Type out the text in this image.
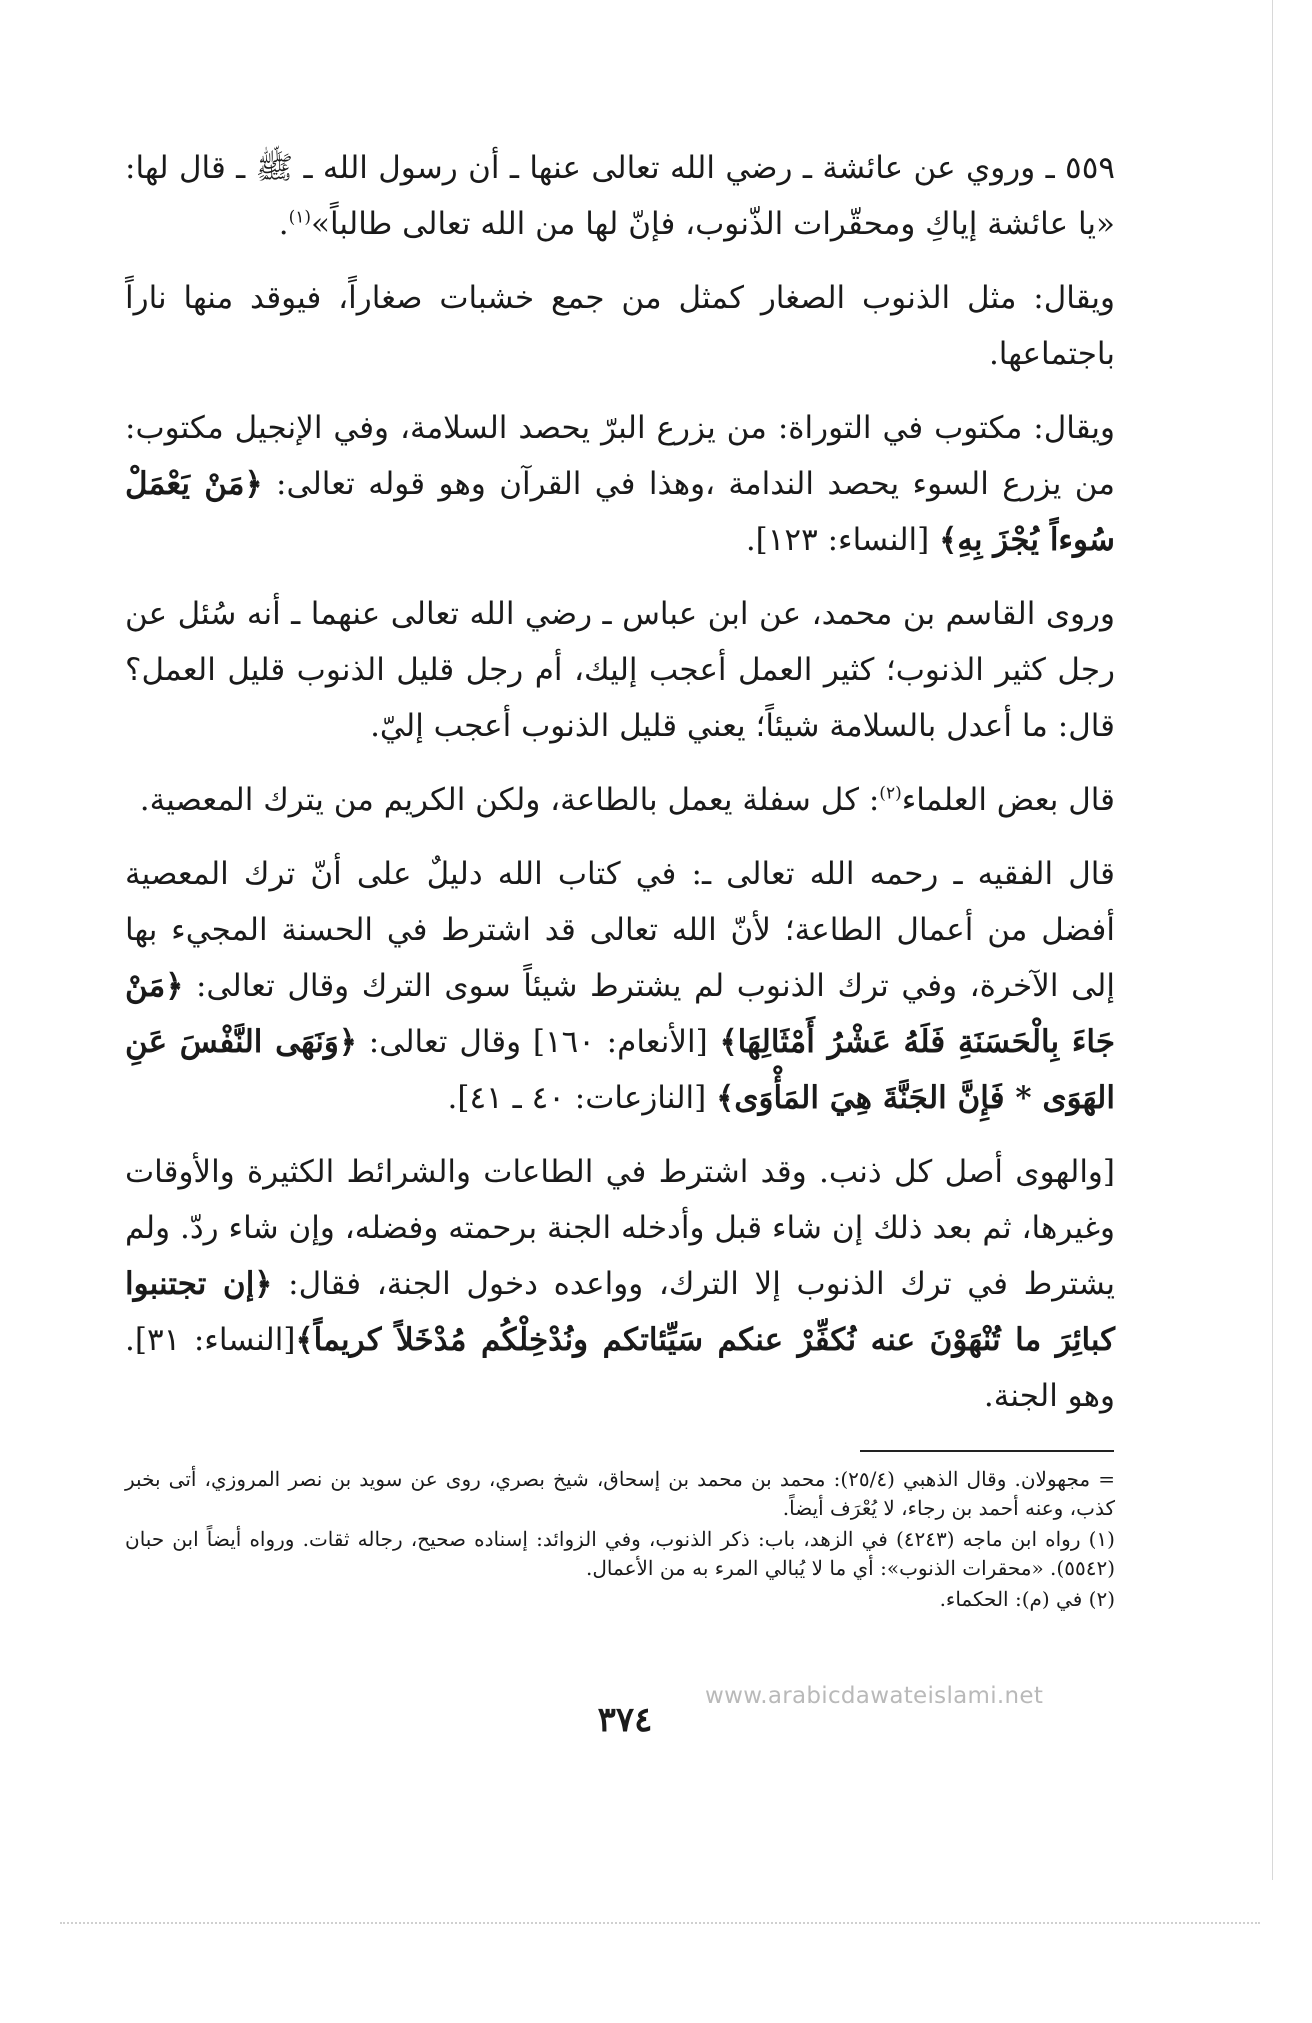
٥٥٩ ـ وروي عن عائشة ـ رضي الله تعالى عنها ـ أن رسول الله ـ ﷺ ـ قال لها: «يا عائشة إياكِ ومحقّرات الذّنوب، فإنّ لها من الله تعالى طالباً»$^{(١)}$.

ويقال: مثل الذنوب الصغار كمثل من جمع خشبات صغاراً، فيوقد منها ناراً باجتماعها.

ويقال: مكتوب في التوراة: من يزرع البرّ يحصد السلامة، وفي الإنجيل مكتوب: من يزرع السوء يحصد الندامة ،وهذا في القرآن وهو قوله تعالى: ﴿مَنْ يَعْمَلْ سُوءاً يُجْزَ بِهِ﴾ [النساء: ١٢٣].

وروى القاسم بن محمد، عن ابن عباس ـ رضي الله تعالى عنهما ـ أنه سُئل عن رجل كثير الذنوب؛ كثير العمل أعجب إليك، أم رجل قليل الذنوب قليل العمل؟ قال: ما أعدل بالسلامة شيئاً؛ يعني قليل الذنوب أعجب إليّ.

قال بعض العلماء$^{(٢)}$: كل سفلة يعمل بالطاعة، ولكن الكريم من يترك المعصية.

قال الفقيه ـ رحمه الله تعالى ـ: في كتاب الله دليلٌ على أنّ ترك المعصية أفضل من أعمال الطاعة؛ لأنّ الله تعالى قد اشترط في الحسنة المجيء بها إلى الآخرة، وفي ترك الذنوب لم يشترط شيئاً سوى الترك وقال تعالى: ﴿مَنْ جَاءَ بِالْحَسَنَةِ فَلَهُ عَشْرُ أَمْثَالِهَا﴾ [الأنعام: ١٦٠] وقال تعالى: ﴿وَنَهَى النَّفْسَ عَنِ الهَوَى * فَإِنَّ الجَنَّةَ هِيَ المَأْوَى﴾ [النازعات: ٤٠ ـ ٤١].

[والهوى أصل كل ذنب. وقد اشترط في الطاعات والشرائط الكثيرة والأوقات وغيرها، ثم بعد ذلك إن شاء قبل وأدخله الجنة برحمته وفضله، وإن شاء ردّ. ولم يشترط في ترك الذنوب إلا الترك، وواعده دخول الجنة، فقال: ﴿إن تجتنبوا كبائِرَ ما تُنْهَوْنَ عنه نُكفِّرْ عنكم سَيِّئاتكم ونُدْخِلْكُم مُدْخَلاً كريماً﴾[النساء: ٣١]. وهو الجنة.

= مجهولان. وقال الذهبي (٢٥/٤): محمد بن محمد بن إسحاق، شيخ بصري، روى عن سويد بن نصر المروزي، أتى بخبر كذب، وعنه أحمد بن رجاء، لا يُعْرَف أيضاً.

(١) رواه ابن ماجه (٤٢٤٣) في الزهد، باب: ذكر الذنوب، وفي الزوائد: إسناده صحيح، رجاله ثقات. ورواه أيضاً ابن حبان (٥٥٤٢). «محقرات الذنوب»: أي ما لا يُبالي المرء به من الأعمال.

(٢) في (م): الحكماء.

www.arabicdawateislami.net
٣٧٤
